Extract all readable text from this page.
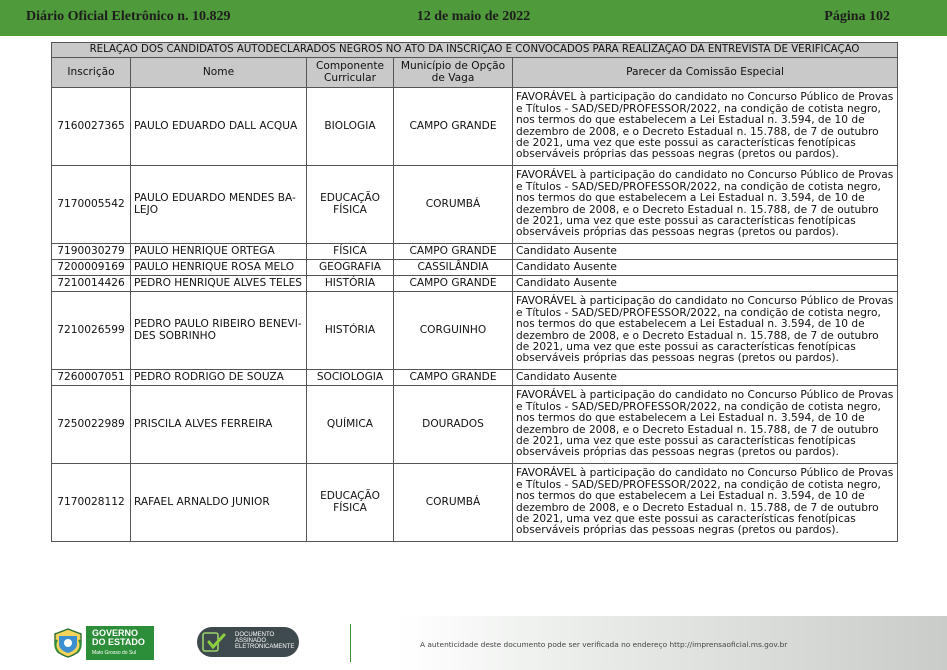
Diário Oficial Eletrônico n. 10.829	12 de maio de 2022	Página 102
RELAÇÃO DOS CANDIDATOS AUTODECLARADOS NEGROS NO ATO DA INSCRIÇÃO E CONVOCADOS PARA REALIZAÇÃO DA ENTREVISTA DE VERIFICAÇÃO				
Inscrição	Nome	Componente Curricular	Município de Opção de Vaga	Parecer da Comissão Especial
7160027365	PAULO EDUARDO DALL ACQUA	BIOLOGIA	CAMPO GRANDE	FAVORÁVEL à participação do candidato no Concurso Público de Provas e Títulos - SAD/SED/PROFESSOR/2022, na condição de cotista negro, nos termos do que estabelecem a Lei Estadual n. 3.594, de 10 de dezembro de 2008, e o Decreto Estadual n. 15.788, de 7 de outubro de 2021, uma vez que este possui as características fenotípicas observáveis próprias das pessoas negras (pretos ou pardos).
7170005542	PAULO EDUARDO MENDES BA-LEJO	EDUCAÇÃO FÍSICA	CORUMBÁ	FAVORÁVEL à participação do candidato no Concurso Público de Provas e Títulos - SAD/SED/PROFESSOR/2022, na condição de cotista negro, nos termos do que estabelecem a Lei Estadual n. 3.594, de 10 de dezembro de 2008, e o Decreto Estadual n. 15.788, de 7 de outubro de 2021, uma vez que este possui as características fenotípicas observáveis próprias das pessoas negras (pretos ou pardos).
7190030279	PAULO HENRIQUE ORTEGA	FÍSICA	CAMPO GRANDE	Candidato Ausente
7200009169	PAULO HENRIQUE ROSA MELO	GEOGRAFIA	CASSILÂNDIA	Candidato Ausente
7210014426	PEDRO HENRIQUE ALVES TELES	HISTÓRIA	CAMPO GRANDE	Candidato Ausente
7210026599	PEDRO PAULO RIBEIRO BENEVI-DES SOBRINHO	HISTÓRIA	CORGUINHO	FAVORÁVEL à participação do candidato no Concurso Público de Provas e Títulos - SAD/SED/PROFESSOR/2022, na condição de cotista negro, nos termos do que estabelecem a Lei Estadual n. 3.594, de 10 de dezembro de 2008, e o Decreto Estadual n. 15.788, de 7 de outubro de 2021, uma vez que este possui as características fenotípicas observáveis próprias das pessoas negras (pretos ou pardos).
7260007051	PEDRO RODRIGO DE SOUZA	SOCIOLOGIA	CAMPO GRANDE	Candidato Ausente
7250022989	PRISCILA ALVES FERREIRA	QUÍMICA	DOURADOS	FAVORÁVEL à participação do candidato no Concurso Público de Provas e Títulos - SAD/SED/PROFESSOR/2022, na condição de cotista negro, nos termos do que estabelecem a Lei Estadual n. 3.594, de 10 de dezembro de 2008, e o Decreto Estadual n. 15.788, de 7 de outubro de 2021, uma vez que este possui as características fenotípicas observáveis próprias das pessoas negras (pretos ou pardos).
7170028112	RAFAEL ARNALDO JUNIOR	EDUCAÇÃO FÍSICA	CORUMBÁ	FAVORÁVEL à participação do candidato no Concurso Público de Provas e Títulos - SAD/SED/PROFESSOR/2022, na condição de cotista negro, nos termos do que estabelecem a Lei Estadual n. 3.594, de 10 de dezembro de 2008, e o Decreto Estadual n. 15.788, de 7 de outubro de 2021, uma vez que este possui as características fenotípicas observáveis próprias das pessoas negras (pretos ou pardos).
GOVERNO
DO ESTADO
Mato Grosso do Sul
DOCUMENTO
ASSINADO
ELETRONICAMENTE	A autenticidade deste documento pode ser verificada no endereço http://imprensaoficial.ms.gov.br
